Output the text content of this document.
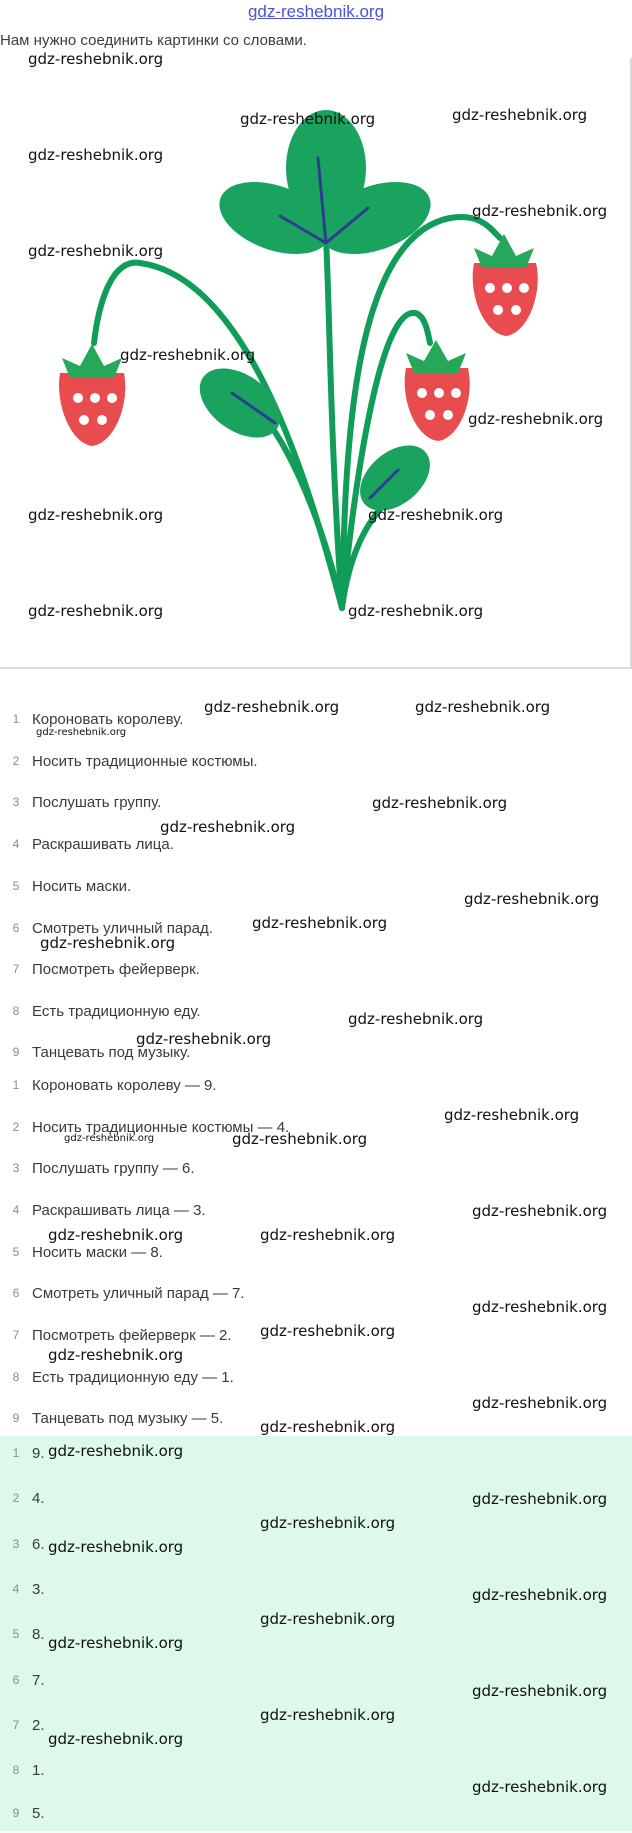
gdz-reshebnik.org
Нам нужно соединить картинки со словами.
1 Короновать королеву.
2 Носить традиционные костюмы.
3 Послушать группу.
4 Раскрашивать лица.
5 Носить маски.
6 Смотреть уличный парад.
7 Посмотреть фейерверк.
8 Есть традиционную еду.
9 Танцевать под музыку.
1 Короновать королеву — 9.
2 Носить традиционные костюмы — 4.
3 Послушать группу — 6.
4 Раскрашивать лица — 3.
5 Носить маски — 8.
6 Смотреть уличный парад — 7.
7 Посмотреть фейерверк — 2.
8 Есть традиционную еду — 1.
9 Танцевать под музыку — 5.
1 9.
2 4.
3 6.
4 3.
5 8.
6 7.
7 2.
8 1.
9 5.
gdz-reshebnik.org
gdz-reshebnik.org	gdz-reshebnik.org
gdz-reshebnik.org
gdz-reshebnik.org
gdz-reshebnik.org
gdz-reshebnik.org
gdz-reshebnik.org
gdz-reshebnik.org	gdz-reshebnik.org
gdz-reshebnik.org	gdz-reshebnik.org
gdz-reshebnik.org	gdz-reshebnik.org
gdz-reshebnik.org
gdz-reshebnik.org
gdz-reshebnik.org
gdz-reshebnik.org
gdz-reshebnik.org
gdz-reshebnik.org
gdz-reshebnik.org
gdz-reshebnik.org
gdz-reshebnik.org
gdz-reshebnik.org	gdz-reshebnik.org
gdz-reshebnik.org
gdz-reshebnik.org	gdz-reshebnik.org
gdz-reshebnik.org
gdz-reshebnik.org
gdz-reshebnik.org
gdz-reshebnik.org
gdz-reshebnik.org
gdz-reshebnik.org
gdz-reshebnik.org
gdz-reshebnik.org
gdz-reshebnik.org
gdz-reshebnik.org
gdz-reshebnik.org
gdz-reshebnik.org
gdz-reshebnik.org
gdz-reshebnik.org
gdz-reshebnik.org
gdz-reshebnik.org
